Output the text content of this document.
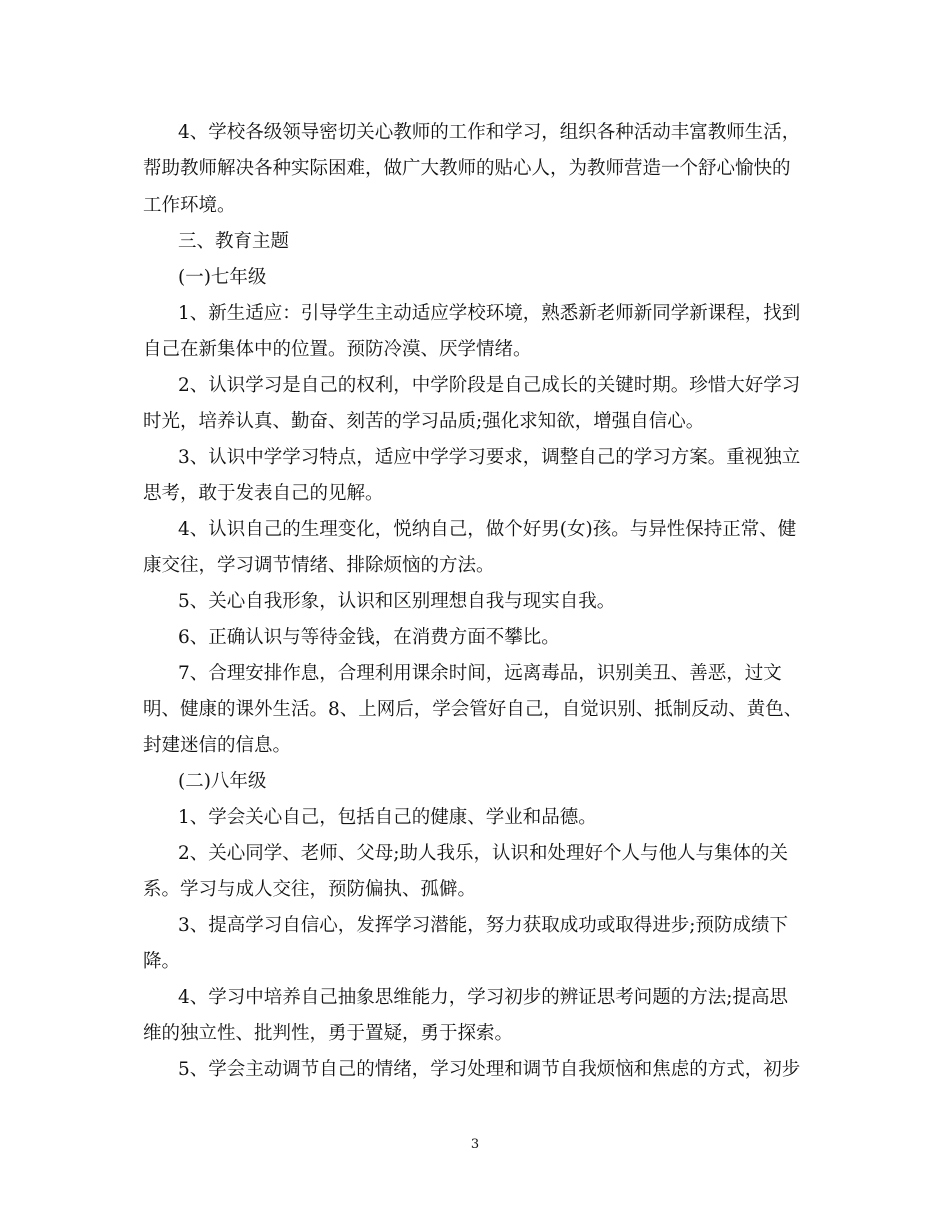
4、学校各级领导密切关心教师的工作和学习，组织各种活动丰富教师生活，
帮助教师解决各种实际困难，做广大教师的贴心人，为教师营造一个舒心愉快的
工作环境。
三、教育主题
(一)七年级
1、新生适应：引导学生主动适应学校环境，熟悉新老师新同学新课程，找到
自己在新集体中的位置。预防冷漠、厌学情绪。
2、认识学习是自己的权利，中学阶段是自己成长的关键时期。珍惜大好学习
时光，培养认真、勤奋、刻苦的学习品质;强化求知欲，增强自信心。
3、认识中学学习特点，适应中学学习要求，调整自己的学习方案。重视独立
思考，敢于发表自己的见解。
4、认识自己的生理变化，悦纳自己，做个好男(女)孩。与异性保持正常、健
康交往，学习调节情绪、排除烦恼的方法。
5、关心自我形象，认识和区别理想自我与现实自我。
6、正确认识与等待金钱，在消费方面不攀比。
7、合理安排作息，合理利用课余时间，远离毒品，识别美丑、善恶，过文
明、健康的课外生活。8、上网后，学会管好自己，自觉识别、抵制反动、黄色、
封建迷信的信息。
(二)八年级
1、学会关心自己，包括自己的健康、学业和品德。
2、关心同学、老师、父母;助人我乐，认识和处理好个人与他人与集体的关
系。学习与成人交往，预防偏执、孤僻。
3、提高学习自信心，发挥学习潜能，努力获取成功或取得进步;预防成绩下
降。
4、学习中培养自己抽象思维能力，学习初步的辨证思考问题的方法;提高思
维的独立性、批判性，勇于置疑，勇于探索。
5、学会主动调节自己的情绪，学习处理和调节自我烦恼和焦虑的方式，初步
3
